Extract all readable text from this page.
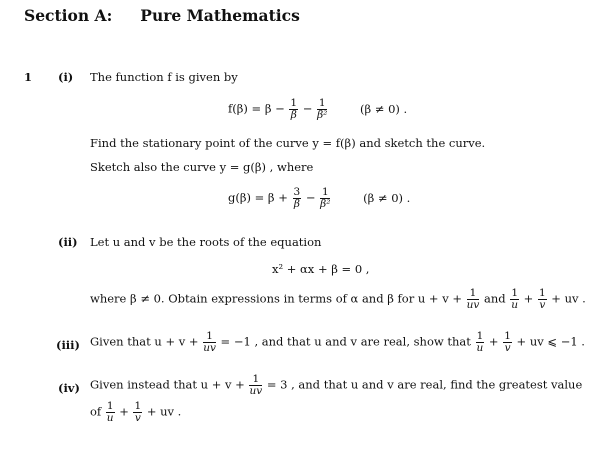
Section A: Pure Mathematics
1 (i) The function f is given by
$f(\beta) = \beta - \frac{1}{\beta} - \frac{1}{\text{β²}}$	(β ≠ 0) .
Find the stationary point of the curve y = f(β) and sketch the curve.
Sketch also the curve y = g(β) , where
$g(\beta) = \beta + \frac{3}{\beta} - \frac{1}{\text{β²}}$	(β ≠ 0) .
(ii) Let u and v be the roots of the equation
x² + αx + β = 0 ,
where β ≠ 0. Obtain expressions in terms of α and β for $u + v + \frac{1}{uv}$ and $\frac{1}{u} + \frac{1}{v}$ + uv .
(iii) Given that $u + v + \frac{1}{uv} = -1$ , and that u and v are real, show that $\frac{1}{u} + \frac{1}{v}$ + uv ⩽ −1 .
(iv) Given instead that $u + v + \frac{1}{uv} = 3$ , and that u and v are real, find the greatest value
of $\frac{1}{u} + \frac{1}{v}$ + uv .
